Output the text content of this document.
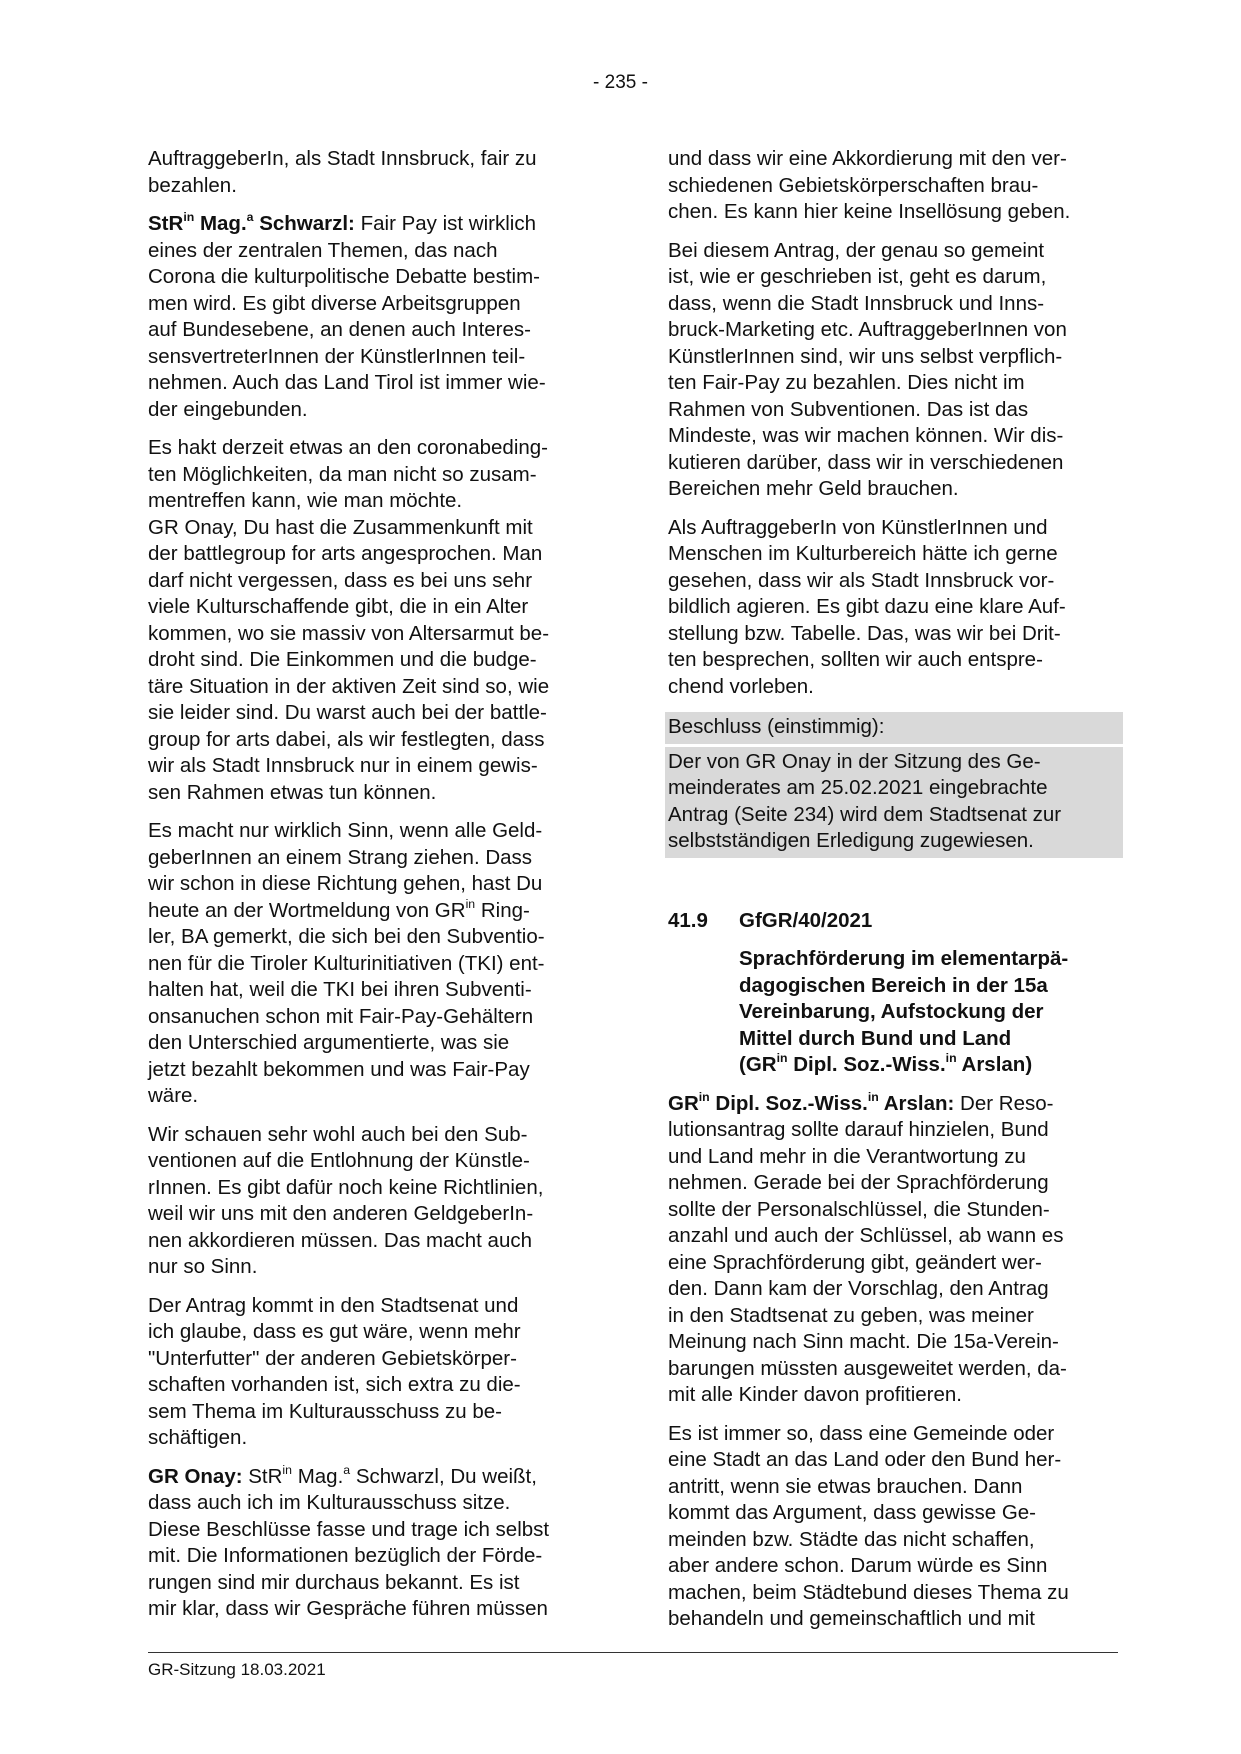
- 235 -

AuftraggeberIn, als Stadt Innsbruck, fair zu
bezahlen.

StR$^{in}$ Mag.$^a$ Schwarzl: Fair Pay ist wirklich
eines der zentralen Themen, das nach
Corona die kulturpolitische Debatte bestim-
men wird. Es gibt diverse Arbeitsgruppen
auf Bundesebene, an denen auch Interes-
sensvertreterInnen der KünstlerInnen teil-
nehmen. Auch das Land Tirol ist immer wie-
der eingebunden.

Es hakt derzeit etwas an den coronabeding-
ten Möglichkeiten, da man nicht so zusam-
mentreffen kann, wie man möchte.
GR Onay, Du hast die Zusammenkunft mit
der battlegroup for arts angesprochen. Man
darf nicht vergessen, dass es bei uns sehr
viele Kulturschaffende gibt, die in ein Alter
kommen, wo sie massiv von Altersarmut be-
droht sind. Die Einkommen und die budge-
täre Situation in der aktiven Zeit sind so, wie
sie leider sind. Du warst auch bei der battle-
group for arts dabei, als wir festlegten, dass
wir als Stadt Innsbruck nur in einem gewis-
sen Rahmen etwas tun können.

Es macht nur wirklich Sinn, wenn alle Geld-
geberInnen an einem Strang ziehen. Dass
wir schon in diese Richtung gehen, hast Du
heute an der Wortmeldung von $GR^{in}$ Ring-
ler, BA gemerkt, die sich bei den Subventio-
nen für die Tiroler Kulturinitiativen (TKI) ent-
halten hat, weil die TKI bei ihren Subventi-
onsanuchen schon mit Fair-Pay-Gehältern
den Unterschied argumentierte, was sie
jetzt bezahlt bekommen und was Fair-Pay
wäre.

Wir schauen sehr wohl auch bei den Sub-
ventionen auf die Entlohnung der Künstle-
rInnen. Es gibt dafür noch keine Richtlinien,
weil wir uns mit den anderen GeldgeberIn-
nen akkordieren müssen. Das macht auch
nur so Sinn.

Der Antrag kommt in den Stadtsenat und
ich glaube, dass es gut wäre, wenn mehr
"Unterfutter" der anderen Gebietskörper-
schaften vorhanden ist, sich extra zu die-
sem Thema im Kulturausschuss zu be-
schäftigen.

GR Onay: StR$^{in}$ Mag.$^a$ Schwarzl, Du weißt,
dass auch ich im Kulturausschuss sitze.
Diese Beschlüsse fasse und trage ich selbst
mit. Die Informationen bezüglich der Förde-
rungen sind mir durchaus bekannt. Es ist
mir klar, dass wir Gespräche führen müssen

und dass wir eine Akkordierung mit den ver-
schiedenen Gebietskörperschaften brau-
chen. Es kann hier keine Insellösung geben.

Bei diesem Antrag, der genau so gemeint
ist, wie er geschrieben ist, geht es darum,
dass, wenn die Stadt Innsbruck und Inns-
bruck-Marketing etc. AuftraggeberInnen von
KünstlerInnen sind, wir uns selbst verpflich-
ten Fair-Pay zu bezahlen. Dies nicht im
Rahmen von Subventionen. Das ist das
Mindeste, was wir machen können. Wir dis-
kutieren darüber, dass wir in verschiedenen
Bereichen mehr Geld brauchen.

Als AuftraggeberIn von KünstlerInnen und
Menschen im Kulturbereich hätte ich gerne
gesehen, dass wir als Stadt Innsbruck vor-
bildlich agieren. Es gibt dazu eine klare Auf-
stellung bzw. Tabelle. Das, was wir bei Drit-
ten besprechen, sollten wir auch entspre-
chend vorleben.

Beschluss (einstimmig):
Der von GR Onay in der Sitzung des Ge-
meinderates am 25.02.2021 eingebrachte
Antrag (Seite 234) wird dem Stadtsenat zur
selbstständigen Erledigung zugewiesen.
41.9	GfGR/40/2021
Sprachförderung im elementarpä-
dagogischen Bereich in der 15a
Vereinbarung, Aufstockung der
Mittel durch Bund und Land
($GR^{in}$ Dipl. Soz.-Wiss.$^{in}$ Arslan)

$GR^{in}$ Dipl. Soz.-Wiss.$^{in}$ Arslan: Der Reso-
lutionsantrag sollte darauf hinzielen, Bund
und Land mehr in die Verantwortung zu
nehmen. Gerade bei der Sprachförderung
sollte der Personalschlüssel, die Stunden-
anzahl und auch der Schlüssel, ab wann es
eine Sprachförderung gibt, geändert wer-
den. Dann kam der Vorschlag, den Antrag
in den Stadtsenat zu geben, was meiner
Meinung nach Sinn macht. Die 15a-Verein-
barungen müssten ausgeweitet werden, da-
mit alle Kinder davon profitieren.

Es ist immer so, dass eine Gemeinde oder
eine Stadt an das Land oder den Bund her-
antritt, wenn sie etwas brauchen. Dann
kommt das Argument, dass gewisse Ge-
meinden bzw. Städte das nicht schaffen,
aber andere schon. Darum würde es Sinn
machen, beim Städtebund dieses Thema zu
behandeln und gemeinschaftlich und mit

GR-Sitzung 18.03.2021
